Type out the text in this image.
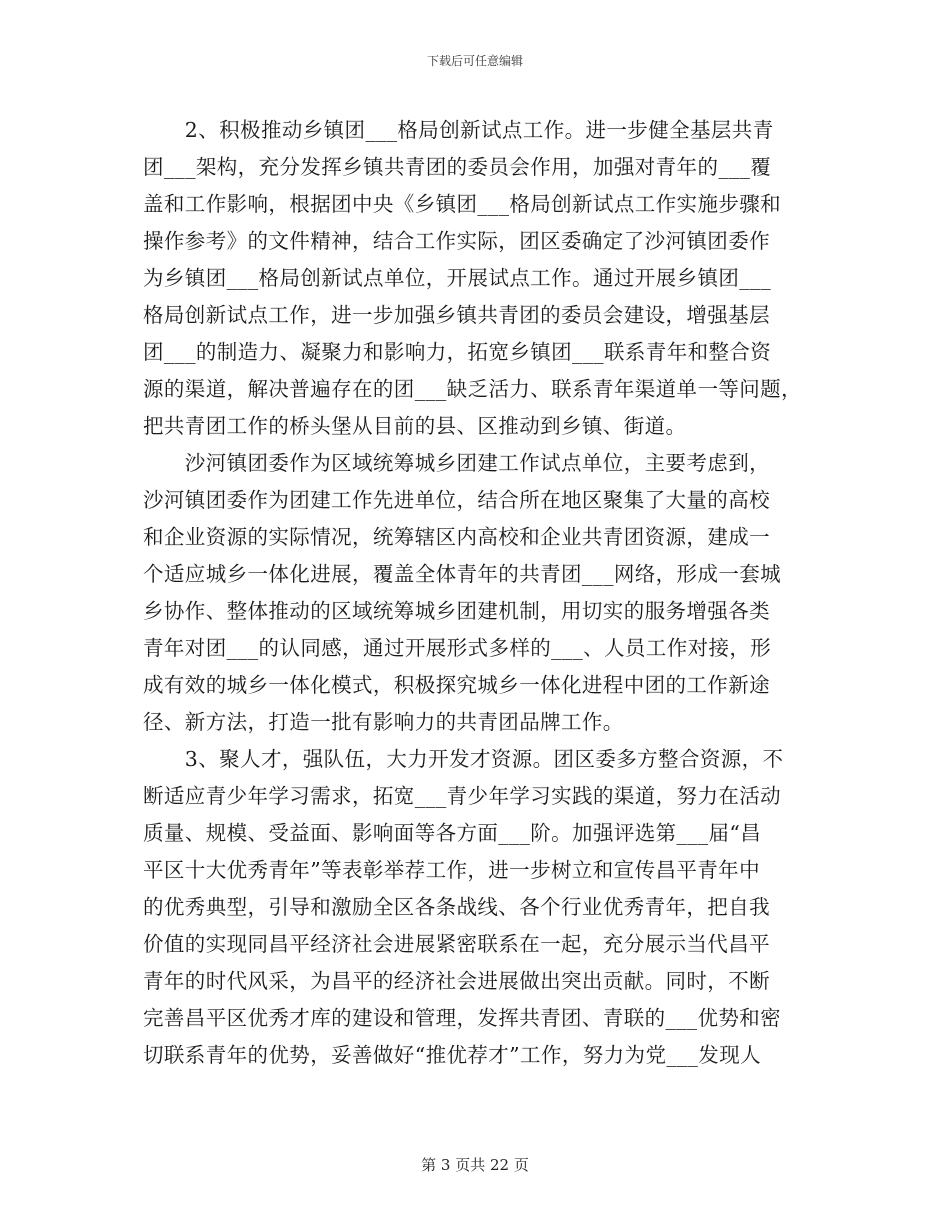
下载后可任意编辑
　　2、积极推动乡镇团___格局创新试点工作。进一步健全基层共青
团___架构，充分发挥乡镇共青团的委员会作用，加强对青年的___覆
盖和工作影响，根据团中央《乡镇团___格局创新试点工作实施步骤和
操作参考》的文件精神，结合工作实际，团区委确定了沙河镇团委作
为乡镇团___格局创新试点单位，开展试点工作。通过开展乡镇团___
格局创新试点工作，进一步加强乡镇共青团的委员会建设，增强基层
团___的制造力、凝聚力和影响力，拓宽乡镇团___联系青年和整合资
源的渠道，解决普遍存在的团___缺乏活力、联系青年渠道单一等问题，
把共青团工作的桥头堡从目前的县、区推动到乡镇、街道。
　　沙河镇团委作为区域统筹城乡团建工作试点单位，主要考虑到，
沙河镇团委作为团建工作先进单位，结合所在地区聚集了大量的高校
和企业资源的实际情况，统筹辖区内高校和企业共青团资源，建成一
个适应城乡一体化进展，覆盖全体青年的共青团___网络，形成一套城
乡协作、整体推动的区域统筹城乡团建机制，用切实的服务增强各类
青年对团___的认同感，通过开展形式多样的___、人员工作对接，形
成有效的城乡一体化模式，积极探究城乡一体化进程中团的工作新途
径、新方法，打造一批有影响力的共青团品牌工作。
　　3、聚人才，强队伍，大力开发才资源。团区委多方整合资源，不
断适应青少年学习需求，拓宽___青少年学习实践的渠道，努力在活动
质量、规模、受益面、影响面等各方面___阶。加强评选第___届“昌
平区十大优秀青年”等表彰举荐工作，进一步树立和宣传昌平青年中
的优秀典型，引导和激励全区各条战线、各个行业优秀青年，把自我
价值的实现同昌平经济社会进展紧密联系在一起，充分展示当代昌平
青年的时代风采，为昌平的经济社会进展做出突出贡献。同时，不断
完善昌平区优秀才库的建设和管理，发挥共青团、青联的___优势和密
切联系青年的优势，妥善做好“推优荐才”工作，努力为党___发现人
第 3 页共 22 页
